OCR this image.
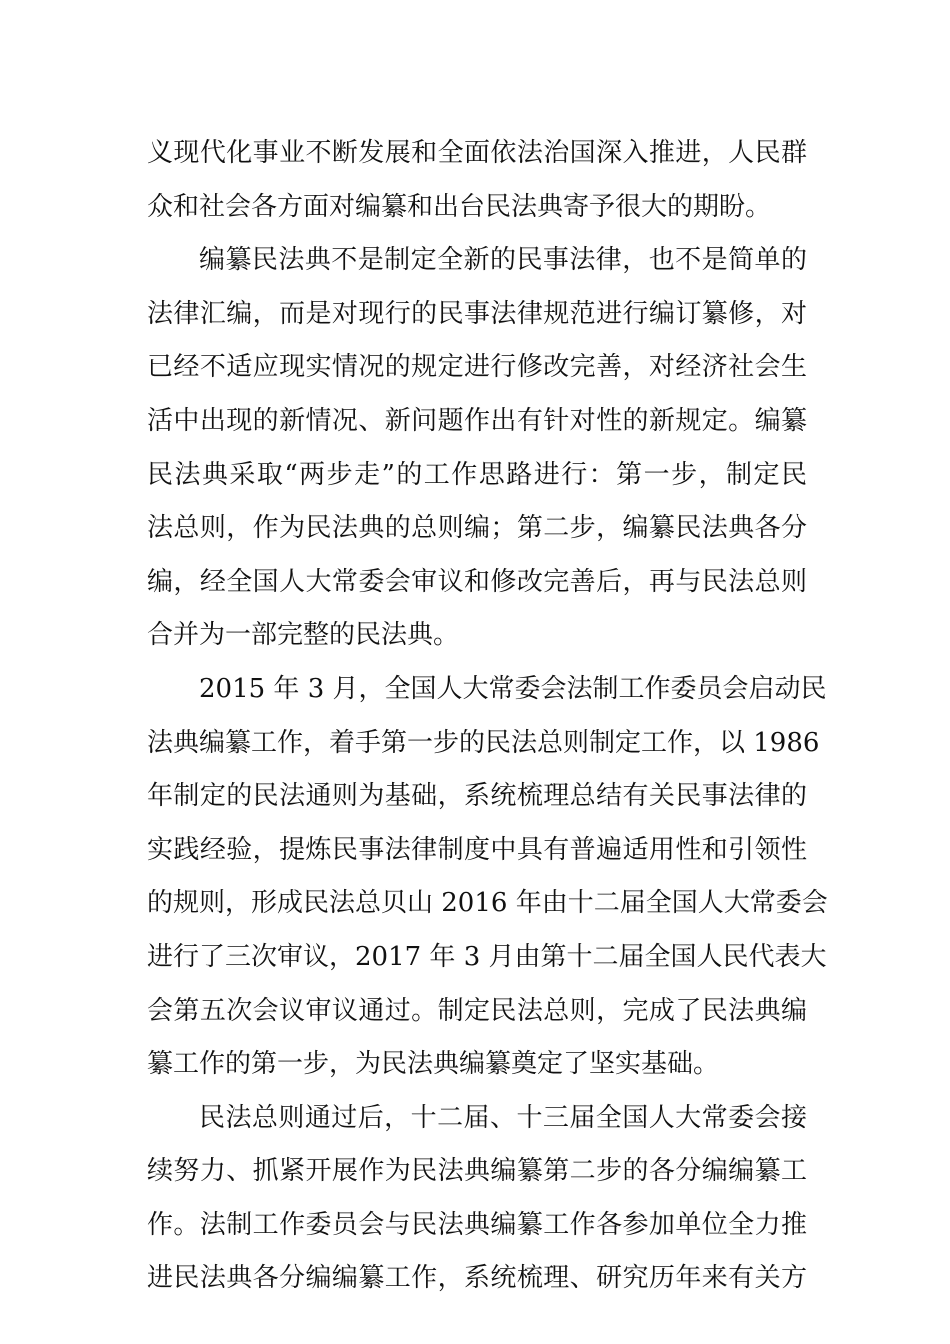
义现代化事业不断发展和全面依法治国深入推进，人民群
众和社会各方面对编纂和出台民法典寄予很大的期盼。
编纂民法典不是制定全新的民事法律，也不是简单的
法律汇编，而是对现行的民事法律规范进行编订纂修，对
已经不适应现实情况的规定进行修改完善，对经济社会生
活中出现的新情况、新问题作出有针对性的新规定。编纂
民法典采取“两步走”的工作思路进行：第一步，制定民
法总则，作为民法典的总则编；第二步，编纂民法典各分
编，经全国人大常委会审议和修改完善后，再与民法总则
合并为一部完整的民法典。
2015 年 3 月，全国人大常委会法制工作委员会启动民
法典编纂工作，着手第一步的民法总则制定工作，以 1986
年制定的民法通则为基础，系统梳理总结有关民事法律的
实践经验，提炼民事法律制度中具有普遍适用性和引领性
的规则，形成民法总贝山 2016 年由十二届全国人大常委会
进行了三次审议，2017 年 3 月由第十二届全国人民代表大
会第五次会议审议通过。制定民法总则，完成了民法典编
纂工作的第一步，为民法典编纂奠定了坚实基础。
民法总则通过后，十二届、十三届全国人大常委会接
续努力、抓紧开展作为民法典编纂第二步的各分编编纂工
作。法制工作委员会与民法典编纂工作各参加单位全力推
进民法典各分编编纂工作，系统梳理、研究历年来有关方
